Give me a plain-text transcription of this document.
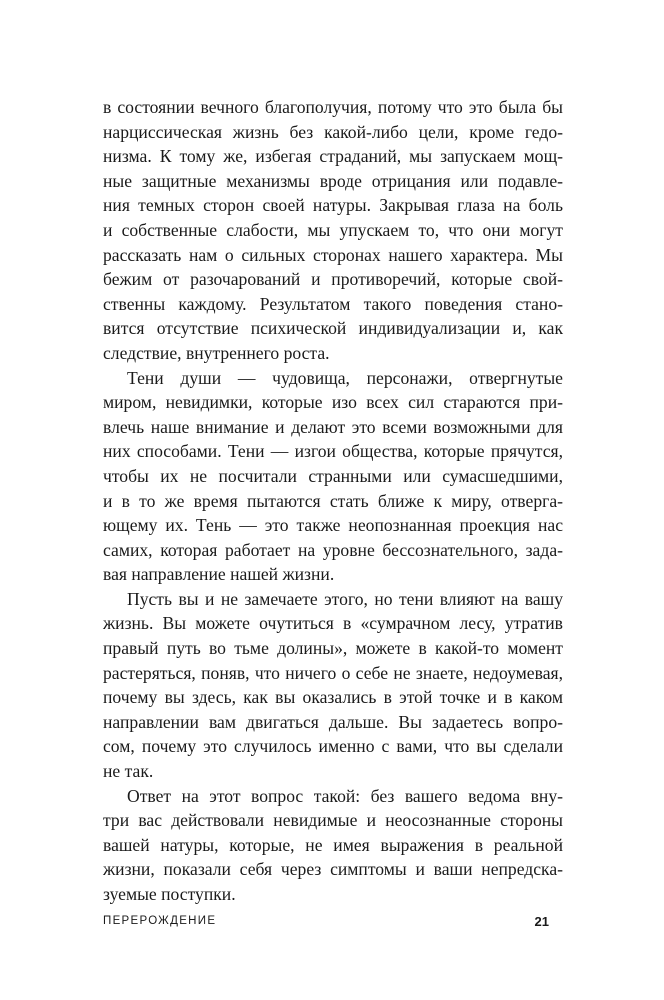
в состоянии вечного благополучия, потому что это была бы
нарциссическая жизнь без какой-либо цели, кроме гедо-
низма. К тому же, избегая страданий, мы запускаем мощ-
ные защитные механизмы вроде отрицания или подавле-
ния темных сторон своей натуры. Закрывая глаза на боль
и собственные слабости, мы упускаем то, что они могут
рассказать нам о сильных сторонах нашего характера. Мы
бежим от разочарований и противоречий, которые свой-
ственны каждому. Результатом такого поведения стано-
вится отсутствие психической индивидуализации и, как
следствие, внутреннего роста.
Тени души — чудовища, персонажи, отвергнутые
миром, невидимки, которые изо всех сил стараются при-
влечь наше внимание и делают это всеми возможными для
них способами. Тени — изгои общества, которые прячутся,
чтобы их не посчитали странными или сумасшедшими,
и в то же время пытаются стать ближе к миру, отверга-
ющему их. Тень — это также неопознанная проекция нас
самих, которая работает на уровне бессознательного, зада-
вая направление нашей жизни.
Пусть вы и не замечаете этого, но тени влияют на вашу
жизнь. Вы можете очутиться в «сумрачном лесу, утратив
правый путь во тьме долины», можете в какой-то момент
растеряться, поняв, что ничего о себе не знаете, недоумевая,
почему вы здесь, как вы оказались в этой точке и в каком
направлении вам двигаться дальше. Вы задаетесь вопро-
сом, почему это случилось именно с вами, что вы сделали
не так.
Ответ на этот вопрос такой: без вашего ведома вну-
три вас действовали невидимые и неосознанные стороны
вашей натуры, которые, не имея выражения в реальной
жизни, показали себя через симптомы и ваши непредска-
зуемые поступки.
ПЕРЕРОЖДЕНИЕ	21
